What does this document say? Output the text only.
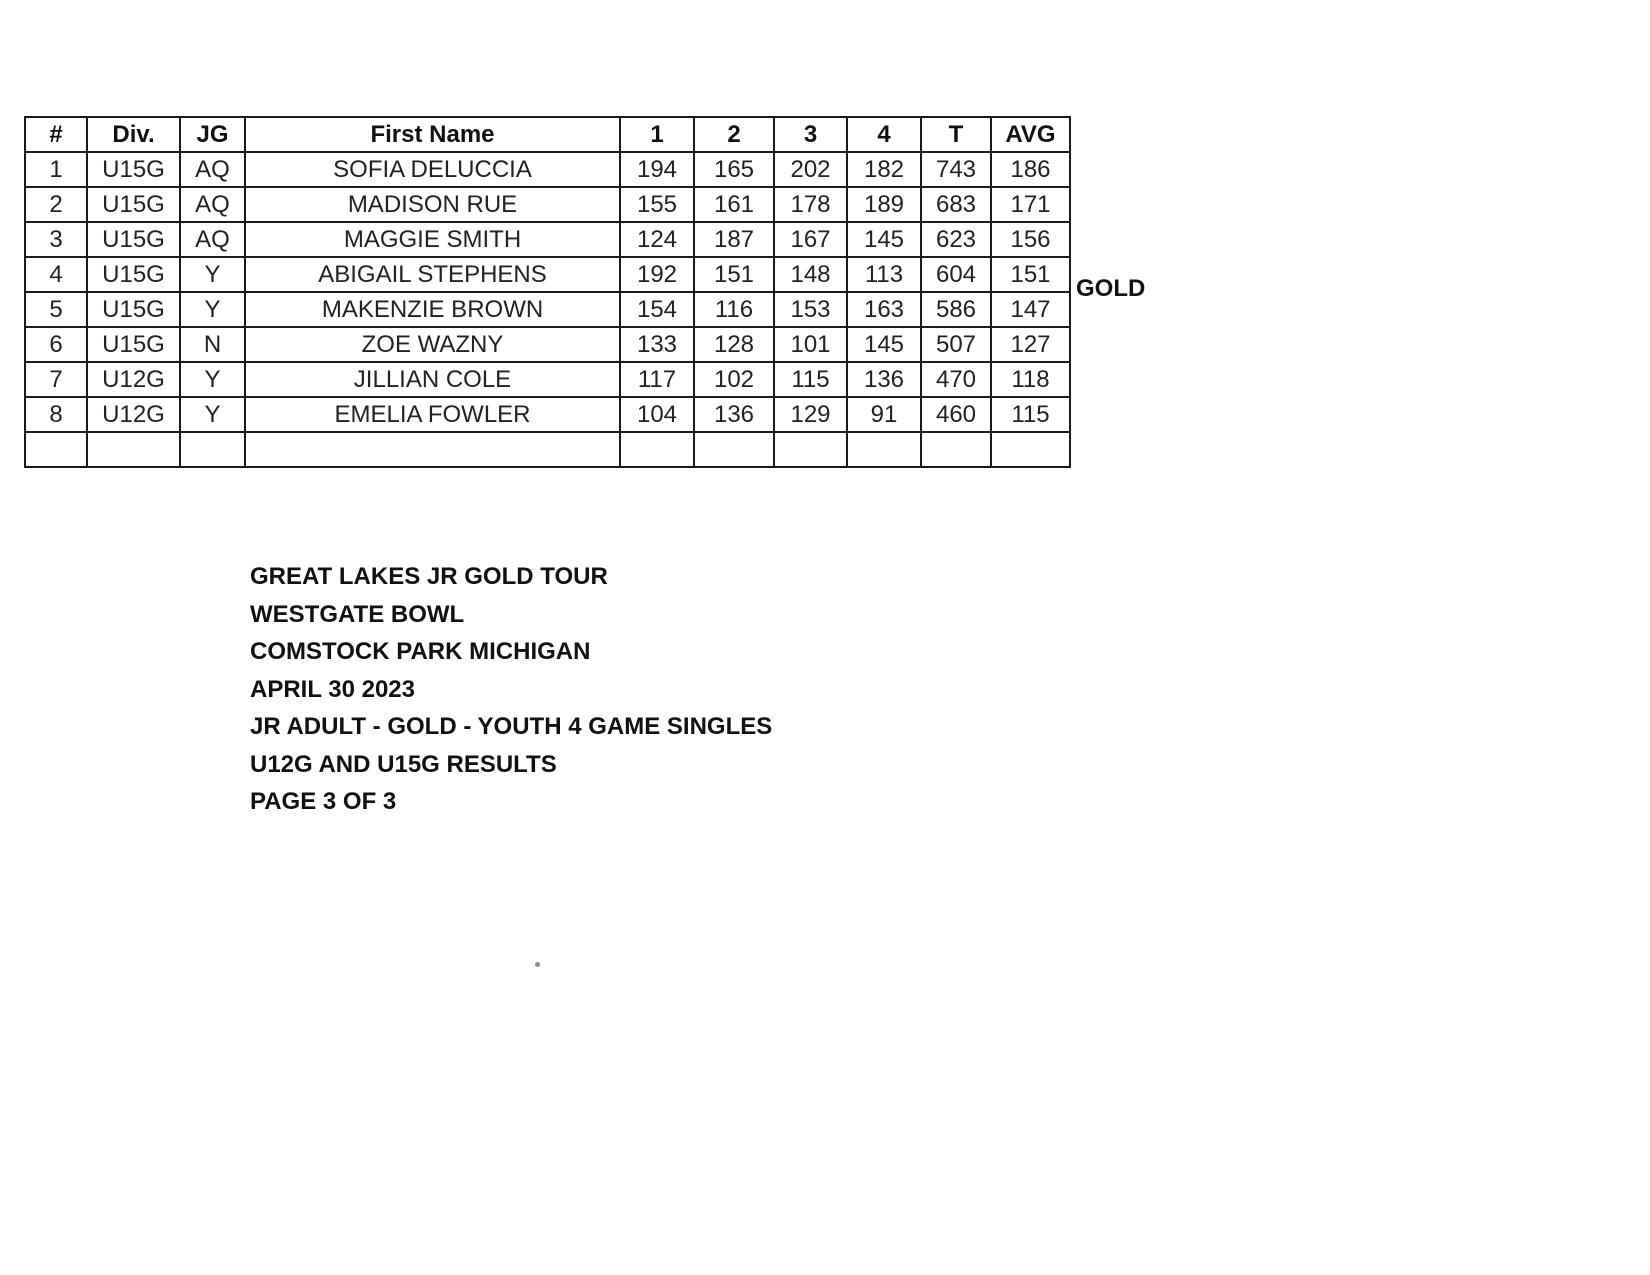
#	Div.	JG	First Name	1	2	3	4	T	AVG
1	U15G	AQ	SOFIA DELUCCIA	194	165	202	182	743	186
2	U15G	AQ	MADISON RUE	155	161	178	189	683	171
3	U15G	AQ	MAGGIE SMITH	124	187	167	145	623	156
4	U15G	Y	ABIGAIL STEPHENS	192	151	148	113	604	151
5	U15G	Y	MAKENZIE BROWN	154	116	153	163	586	147
6	U15G	N	ZOE WAZNY	133	128	101	145	507	127
7	U12G	Y	JILLIAN COLE	117	102	115	136	470	118
8	U12G	Y	EMELIA FOWLER	104	136	129	91	460	115

GOLD
GREAT LAKES JR GOLD TOUR
WESTGATE BOWL
COMSTOCK PARK MICHIGAN
APRIL 30 2023
JR ADULT - GOLD - YOUTH 4 GAME SINGLES
U12G AND U15G RESULTS
PAGE 3 OF 3
